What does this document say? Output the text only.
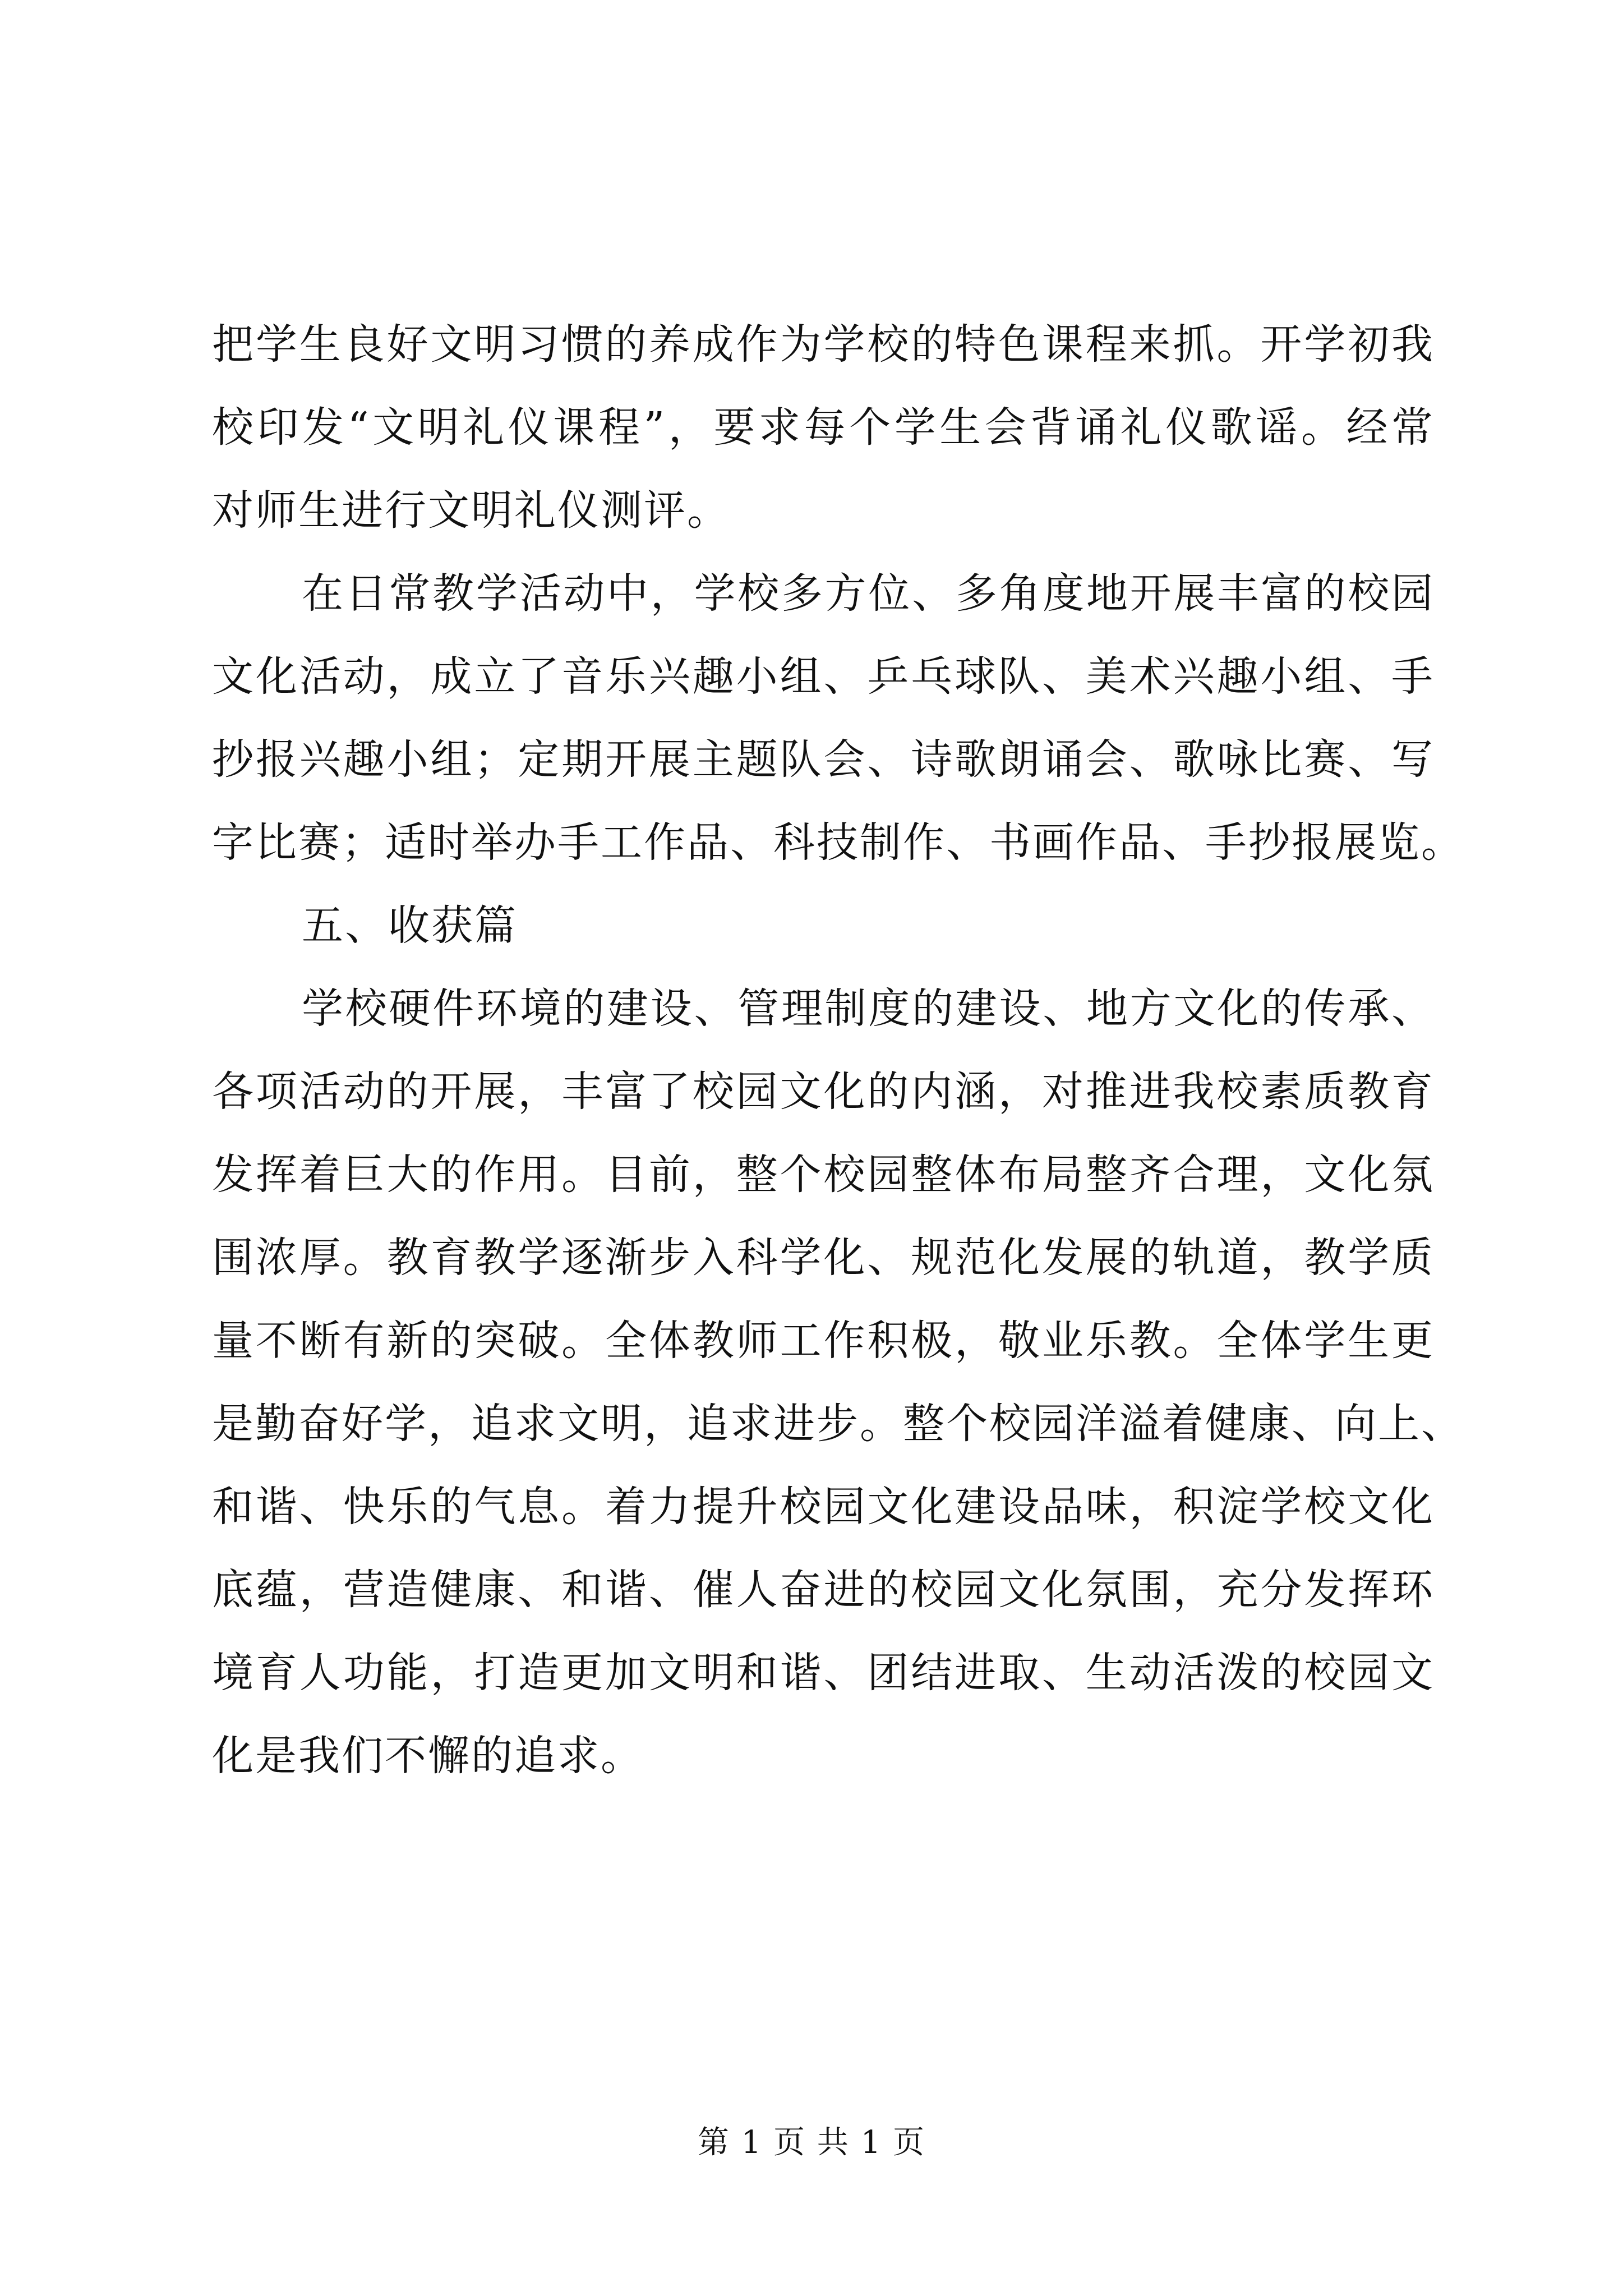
把学生良好文明习惯的养成作为学校的特色课程来抓。开学初我
校印发“文明礼仪课程”，要求每个学生会背诵礼仪歌谣。经常
对师生进行文明礼仪测评。
在日常教学活动中，学校多方位、多角度地开展丰富的校园
文化活动，成立了音乐兴趣小组、乒乓球队、美术兴趣小组、手
抄报兴趣小组；定期开展主题队会、诗歌朗诵会、歌咏比赛、写
字比赛；适时举办手工作品、科技制作、书画作品、手抄报展览。
五、收获篇
学校硬件环境的建设、管理制度的建设、地方文化的传承、
各项活动的开展，丰富了校园文化的内涵，对推进我校素质教育
发挥着巨大的作用。目前，整个校园整体布局整齐合理，文化氛
围浓厚。教育教学逐渐步入科学化、规范化发展的轨道，教学质
量不断有新的突破。全体教师工作积极，敬业乐教。全体学生更
是勤奋好学，追求文明，追求进步。整个校园洋溢着健康、向上、
和谐、快乐的气息。着力提升校园文化建设品味，积淀学校文化
底蕴，营造健康、和谐、催人奋进的校园文化氛围，充分发挥环
境育人功能，打造更加文明和谐、团结进取、生动活泼的校园文
化是我们不懈的追求。
第 1 页 共 1 页
